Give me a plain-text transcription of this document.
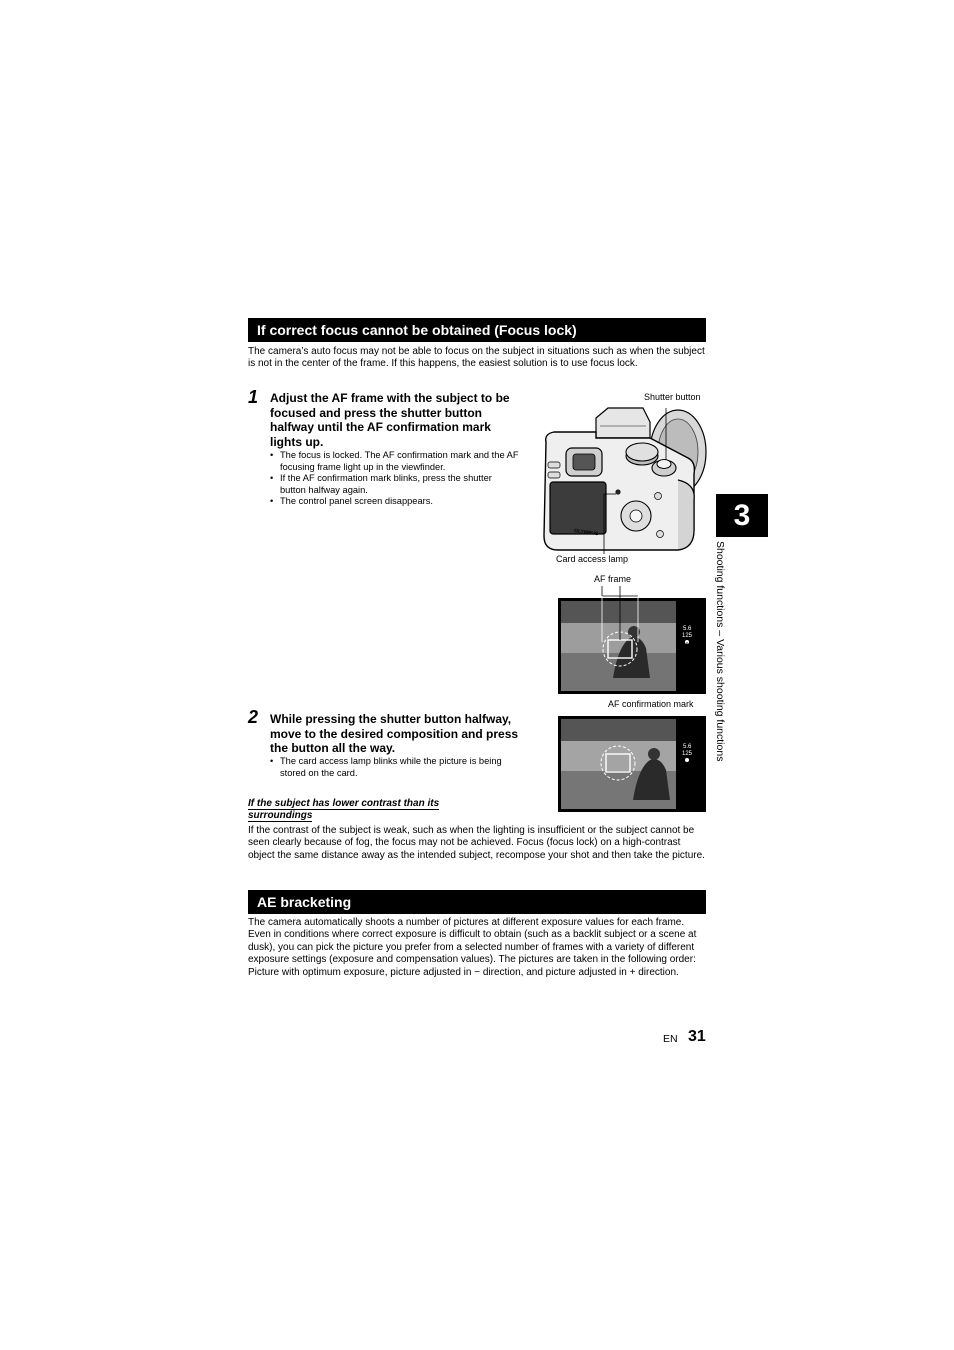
If correct focus cannot be obtained (Focus lock)

The camera’s auto focus may not be able to focus on the subject in situations such as when the subject is not in the center of the frame. If this happens, the easiest solution is to use focus lock.

1 Adjust the AF frame with the subject to be focused and press the shutter button halfway until the AF confirmation mark lights up.

• The focus is locked. The AF confirmation mark and the AF focusing frame light up in the viewfinder.
• If the AF confirmation mark blinks, press the shutter button halfway again.
• The control panel screen disappears.
Shutter button
OLYMPUS
Card access lamp
AF frame
5.6
125
AF confirmation mark
2 While pressing the shutter button halfway, move to the desired composition and press the button all the way.

• The card access lamp blinks while the picture is being stored on the card.
5.6
125

If the subject has lower contrast than its surroundings

If the contrast of the subject is weak, such as when the lighting is insufficient or the subject cannot be seen clearly because of fog, the focus may not be achieved. Focus (focus lock) on a high-contrast object the same distance away as the intended subject, recompose your shot and then take the picture.

AE bracketing

The camera automatically shoots a number of pictures at different exposure values for each frame. Even in conditions where correct exposure is difficult to obtain (such as a backlit subject or a scene at dusk), you can pick the picture you prefer from a selected number of frames with a variety of different exposure settings (exposure and compensation values). The pictures are taken in the following order: Picture with optimum exposure, picture adjusted in − direction, and picture adjusted in + direction.

3
Shooting functions – Various shooting functions
EN 31
